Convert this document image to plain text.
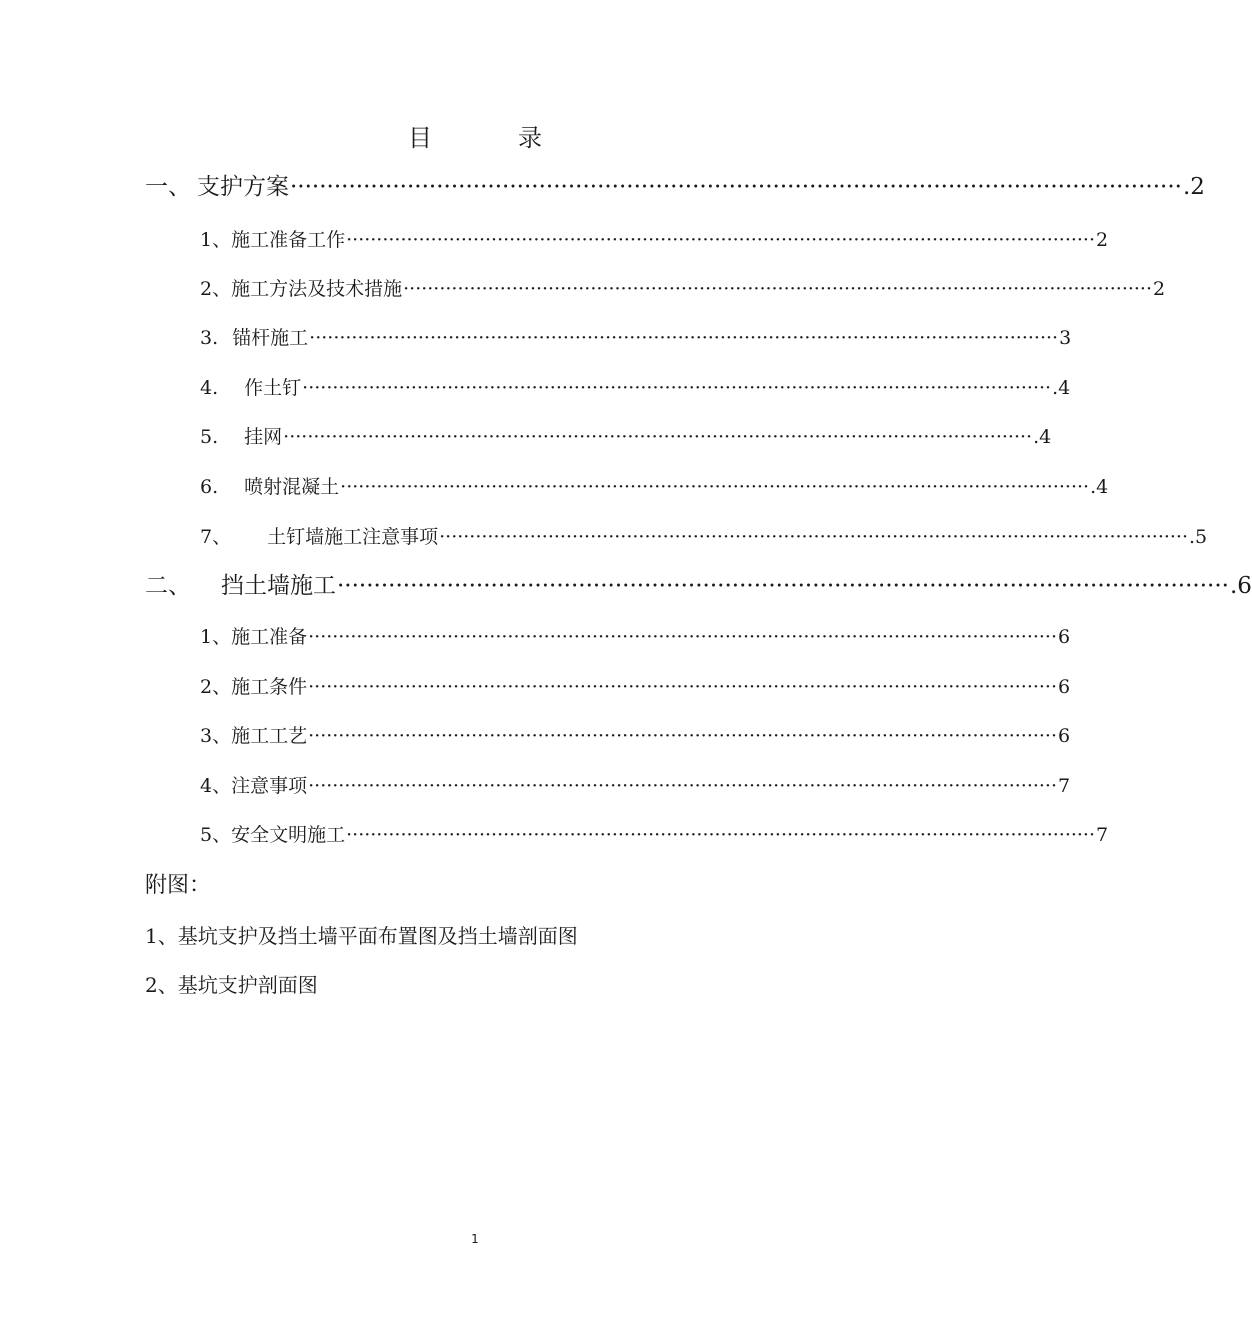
目	录
一、 支护方案 ·························································································································· .2
1、 施工准备工作 ···························································································································· 2
2、 施工方法及技术措施 ···························································································································· 2
3. 锚杆施工 ···························································································································· 3
4. 作土钉 ···························································································································· .4
5. 挂网 ···························································································································· .4
6. 喷射混凝土 ···························································································································· .4
7、 土钉墙施工注意事项 ···························································································································· .5
二、 挡土墙施工 ·························································································································· .6
1、 施工准备 ···························································································································· 6
2、 施工条件 ···························································································································· 6
3、 施工工艺 ···························································································································· 6
4、 注意事项 ···························································································································· 7
5、 安全文明施工 ···························································································································· 7
附图：
1、基坑支护及挡土墙平面布置图及挡土墙剖面图
2、基坑支护剖面图
1
